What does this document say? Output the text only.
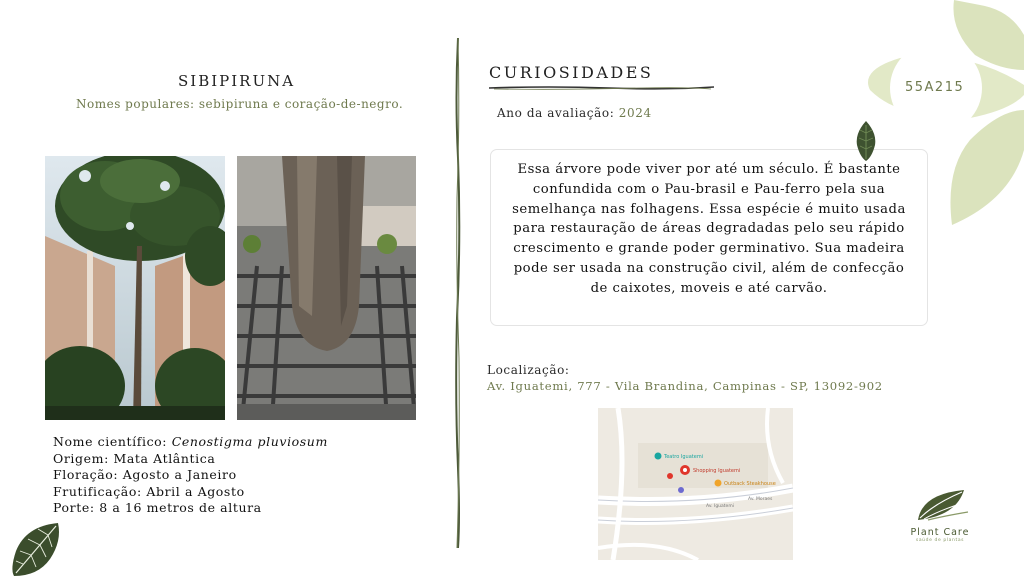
SIBIPIRUNA
Nomes populares: sebipiruna e coração-de-negro.
Nome científico: Cenostigma pluviosum
Origem: Mata Atlântica
Floração: Agosto a Janeiro
Frutificação: Abril a Agosto
Porte: 8 a 16 metros de altura
CURIOSIDADES
Ano da avaliação: 2024
Essa árvore pode viver por até um século. É bastante confundida com o Pau-brasil e Pau-ferro pela sua semelhança nas folhagens. Essa espécie é muito usada para restauração de áreas degradadas pelo seu rápido crescimento e grande poder germinativo. Sua madeira pode ser usada na construção civil, além de confecção de caixotes, moveis e até carvão.
Localização:
Av. Iguatemi, 777 - Vila Brandina, Campinas - SP, 13092-902
Teatro Iguatemi
Shopping Iguatemi
Outback Steakhouse
Av. Iguatemi
Av. Moraes
55A215
Plant Care
saúde de plantas
